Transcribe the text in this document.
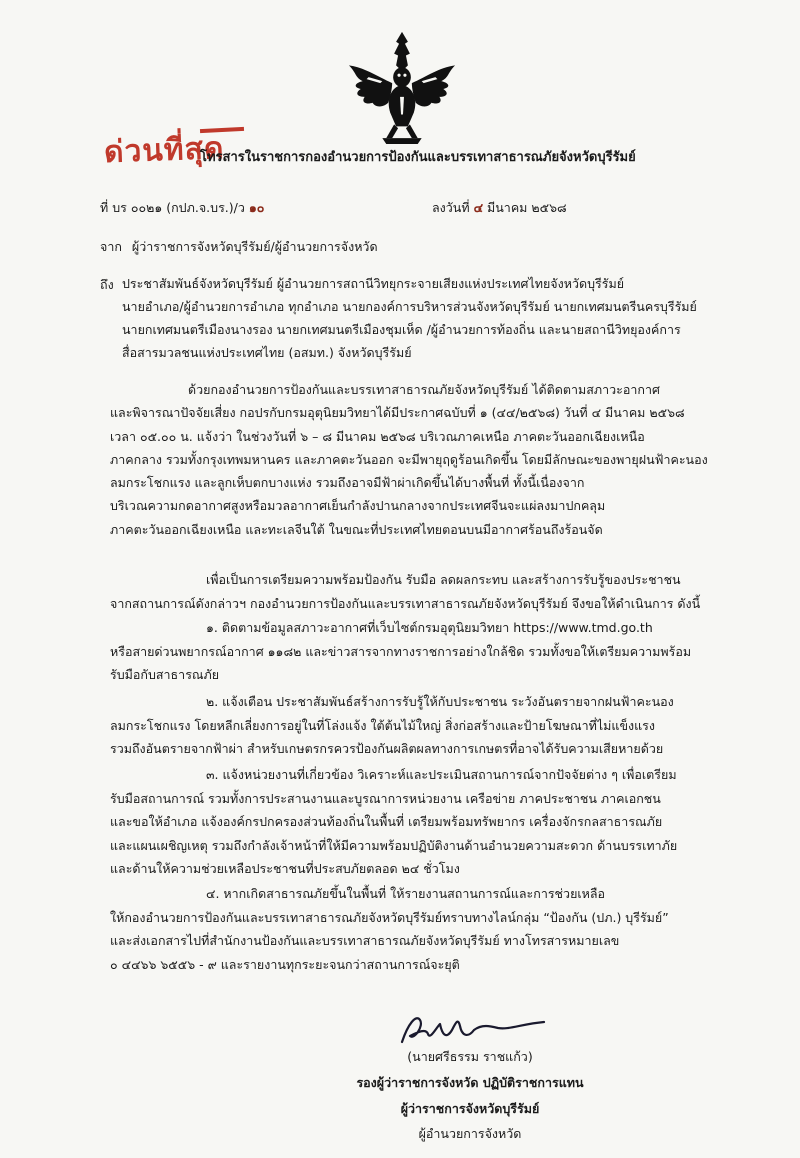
ด่วนที่สุด
โทรสารในราชการกองอำนวยการป้องกันและบรรเทาสาธารณภัยจังหวัดบุรีรัมย์
ที่ บร ๐๐๒๑ (กปภ.จ.บร.)/ว ๑๐	ลงวันที่ ๔ มีนาคม ๒๕๖๘
จาก ผู้ว่าราชการจังหวัดบุรีรัมย์/ผู้อำนวยการจังหวัด
ถึง ประชาสัมพันธ์จังหวัดบุรีรัมย์ ผู้อำนวยการสถานีวิทยุกระจายเสียงแห่งประเทศไทยจังหวัดบุรีรัมย์
นายอำเภอ/ผู้อำนวยการอำเภอ ทุกอำเภอ นายกองค์การบริหารส่วนจังหวัดบุรีรัมย์ นายกเทศมนตรีนครบุรีรัมย์
นายกเทศมนตรีเมืองนางรอง นายกเทศมนตรีเมืองชุมเห็ด /ผู้อำนวยการท้องถิ่น และนายสถานีวิทยุองค์การ
สื่อสารมวลชนแห่งประเทศไทย (อสมท.) จังหวัดบุรีรัมย์
ด้วยกองอำนวยการป้องกันและบรรเทาสาธารณภัยจังหวัดบุรีรัมย์ ได้ติดตามสภาวะอากาศ
และพิจารณาปัจจัยเสี่ยง กอปรกับกรมอุตุนิยมวิทยาได้มีประกาศฉบับที่ ๑ (๔๔/๒๕๖๘) วันที่ ๔ มีนาคม ๒๕๖๘
เวลา ๐๕.๐๐ น. แจ้งว่า ในช่วงวันที่ ๖ – ๘ มีนาคม ๒๕๖๘ บริเวณภาคเหนือ ภาคตะวันออกเฉียงเหนือ
ภาคกลาง รวมทั้งกรุงเทพมหานคร และภาคตะวันออก จะมีพายุฤดูร้อนเกิดขึ้น โดยมีลักษณะของพายุฝนฟ้าคะนอง
ลมกระโชกแรง และลูกเห็บตกบางแห่ง รวมถึงอาจมีฟ้าผ่าเกิดขึ้นได้บางพื้นที่ ทั้งนี้เนื่องจาก
บริเวณความกดอากาศสูงหรือมวลอากาศเย็นกำลังปานกลางจากประเทศจีนจะแผ่ลงมาปกคลุม
ภาคตะวันออกเฉียงเหนือ และทะเลจีนใต้ ในขณะที่ประเทศไทยตอนบนมีอากาศร้อนถึงร้อนจัด
เพื่อเป็นการเตรียมความพร้อมป้องกัน รับมือ ลดผลกระทบ และสร้างการรับรู้ของประชาชน
จากสถานการณ์ดังกล่าวฯ กองอำนวยการป้องกันและบรรเทาสาธารณภัยจังหวัดบุรีรัมย์ จึงขอให้ดำเนินการ ดังนี้
๑. ติดตามข้อมูลสภาวะอากาศที่เว็บไซต์กรมอุตุนิยมวิทยา https://www.tmd.go.th
หรือสายด่วนพยากรณ์อากาศ ๑๑๘๒ และข่าวสารจากทางราชการอย่างใกล้ชิด รวมทั้งขอให้เตรียมความพร้อม
รับมือกับสาธารณภัย
๒. แจ้งเตือน ประชาสัมพันธ์สร้างการรับรู้ให้กับประชาชน ระวังอันตรายจากฝนฟ้าคะนอง
ลมกระโชกแรง โดยหลีกเลี่ยงการอยู่ในที่โล่งแจ้ง ใต้ต้นไม้ใหญ่ สิ่งก่อสร้างและป้ายโฆษณาที่ไม่แข็งแรง
รวมถึงอันตรายจากฟ้าผ่า สำหรับเกษตรกรควรป้องกันผลิตผลทางการเกษตรที่อาจได้รับความเสียหายด้วย
๓. แจ้งหน่วยงานที่เกี่ยวข้อง วิเคราะห์และประเมินสถานการณ์จากปัจจัยต่าง ๆ เพื่อเตรียม
รับมือสถานการณ์ รวมทั้งการประสานงานและบูรณาการหน่วยงาน เครือข่าย ภาคประชาชน ภาคเอกชน
และขอให้อำเภอ แจ้งองค์กรปกครองส่วนท้องถิ่นในพื้นที่ เตรียมพร้อมทรัพยากร เครื่องจักรกลสาธารณภัย
และแผนเผชิญเหตุ รวมถึงกำลังเจ้าหน้าที่ให้มีความพร้อมปฏิบัติงานด้านอำนวยความสะดวก ด้านบรรเทาภัย
และด้านให้ความช่วยเหลือประชาชนที่ประสบภัยตลอด ๒๔ ชั่วโมง
๔. หากเกิดสาธารณภัยขึ้นในพื้นที่ ให้รายงานสถานการณ์และการช่วยเหลือ
ให้กองอำนวยการป้องกันและบรรเทาสาธารณภัยจังหวัดบุรีรัมย์ทราบทางไลน์กลุ่ม “ป้องกัน (ปภ.) บุรีรัมย์”
และส่งเอกสารไปที่สำนักงานป้องกันและบรรเทาสาธารณภัยจังหวัดบุรีรัมย์ ทางโทรสารหมายเลข
๐ ๔๔๖๖ ๖๕๕๖ - ๙ และรายงานทุกระยะจนกว่าสถานการณ์จะยุติ
(นายศรีธรรม ราชแก้ว)
รองผู้ว่าราชการจังหวัด ปฏิบัติราชการแทน
ผู้ว่าราชการจังหวัดบุรีรัมย์
ผู้อำนวยการจังหวัด
